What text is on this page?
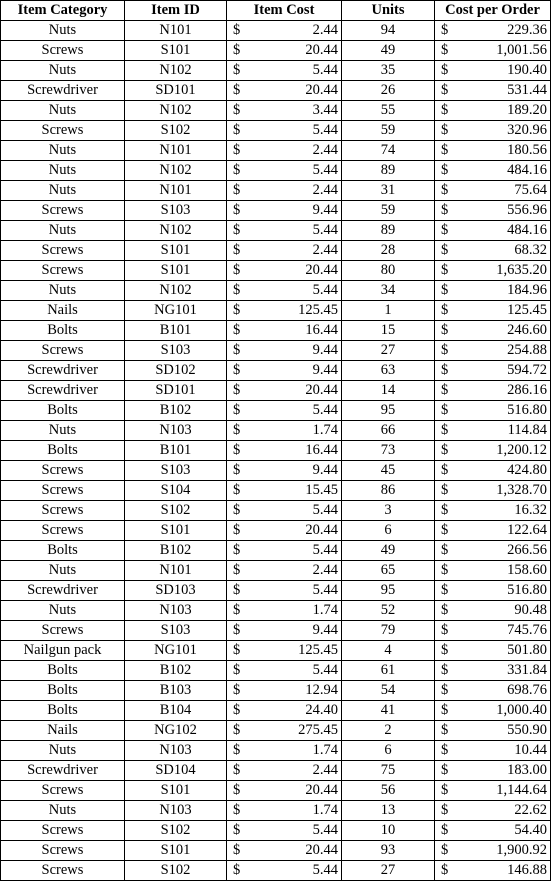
Item Category	Item ID	Item Cost	Units	Cost per Order
Nuts	N101	$ 2.44	94	$ 229.36

Screws	S101	$ 20.44	49	$ 1,001.56

Nuts	N102	$ 5.44	35	$ 190.40

Screwdriver	SD101	$ 20.44	26	$ 531.44

Nuts	N102	$ 3.44	55	$ 189.20

Screws	S102	$ 5.44	59	$ 320.96

Nuts	N101	$ 2.44	74	$ 180.56

Nuts	N102	$ 5.44	89	$ 484.16

Nuts	N101	$ 2.44	31	$ 75.64

Screws	S103	$ 9.44	59	$ 556.96

Nuts	N102	$ 5.44	89	$ 484.16

Screws	S101	$ 2.44	28	$ 68.32

Screws	S101	$ 20.44	80	$ 1,635.20

Nuts	N102	$ 5.44	34	$ 184.96

Nails	NG101	$ 125.45	1	$ 125.45

Bolts	B101	$ 16.44	15	$ 246.60

Screws	S103	$ 9.44	27	$ 254.88

Screwdriver	SD102	$ 9.44	63	$ 594.72

Screwdriver	SD101	$ 20.44	14	$ 286.16

Bolts	B102	$ 5.44	95	$ 516.80

Nuts	N103	$ 1.74	66	$ 114.84

Bolts	B101	$ 16.44	73	$ 1,200.12

Screws	S103	$ 9.44	45	$ 424.80

Screws	S104	$ 15.45	86	$ 1,328.70

Screws	S102	$ 5.44	3	$ 16.32

Screws	S101	$ 20.44	6	$ 122.64

Bolts	B102	$ 5.44	49	$ 266.56

Nuts	N101	$ 2.44	65	$ 158.60

Screwdriver	SD103	$ 5.44	95	$ 516.80

Nuts	N103	$ 1.74	52	$ 90.48

Screws	S103	$ 9.44	79	$ 745.76

Nailgun pack	NG101	$ 125.45	4	$ 501.80

Bolts	B102	$ 5.44	61	$ 331.84

Bolts	B103	$ 12.94	54	$ 698.76

Bolts	B104	$ 24.40	41	$ 1,000.40

Nails	NG102	$ 275.45	2	$ 550.90

Nuts	N103	$ 1.74	6	$ 10.44

Screwdriver	SD104	$ 2.44	75	$ 183.00

Screws	S101	$ 20.44	56	$ 1,144.64

Nuts	N103	$ 1.74	13	$ 22.62

Screws	S102	$ 5.44	10	$ 54.40

Screws	S101	$ 20.44	93	$ 1,900.92

Screws	S102	$ 5.44	27	$ 146.88
